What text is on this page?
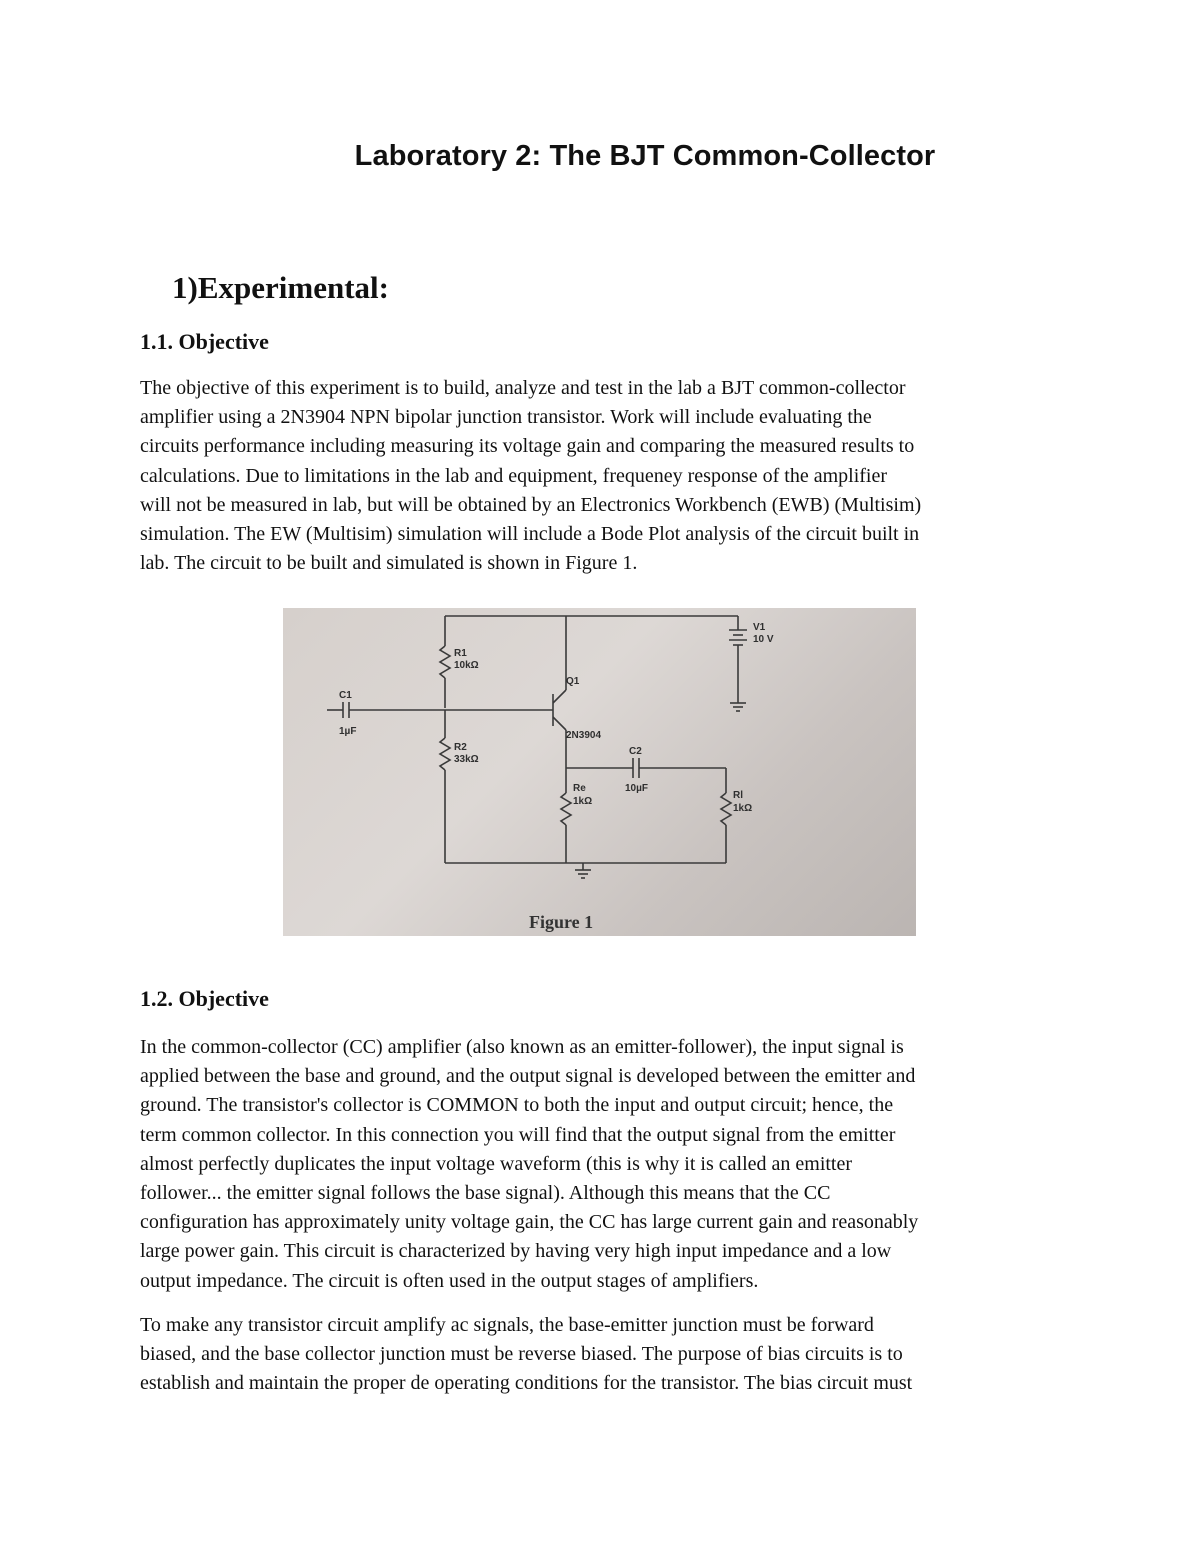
Laboratory 2: The BJT Common-Collector
1)Experimental:
1.1. Objective

The objective of this experiment is to build, analyze and test in the lab a BJT common-collector
amplifier using a 2N3904 NPN bipolar junction transistor. Work will include evaluating the
circuits performance including measuring its voltage gain and comparing the measured results to
calculations. Due to limitations in the lab and equipment, frequeney response of the amplifier
will not be measured in lab, but will be obtained by an Electronics Workbench (EWB) (Multisim)
simulation. The EW (Multisim) simulation will include a Bode Plot analysis of the circuit built in
lab. The circuit to be built and simulated is shown in Figure 1.

R1
10kΩ
R2
33kΩ
C1
1µF
Q1
2N3904
C2
10µF
Re
1kΩ
Rl
1kΩ
V1
10 V
Figure 1
1.2. Objective

In the common-collector (CC) amplifier (also known as an emitter-follower), the input signal is
applied between the base and ground, and the output signal is developed between the emitter and
ground. The transistor's collector is COMMON to both the input and output circuit; hence, the
term common collector. In this connection you will find that the output signal from the emitter
almost perfectly duplicates the input voltage waveform (this is why it is called an emitter
follower... the emitter signal follows the base signal). Although this means that the CC
configuration has approximately unity voltage gain, the CC has large current gain and reasonably
large power gain. This circuit is characterized by having very high input impedance and a low
output impedance. The circuit is often used in the output stages of amplifiers.

To make any transistor circuit amplify ac signals, the base-emitter junction must be forward
biased, and the base collector junction must be reverse biased. The purpose of bias circuits is to
establish and maintain the proper de operating conditions for the transistor. The bias circuit must
